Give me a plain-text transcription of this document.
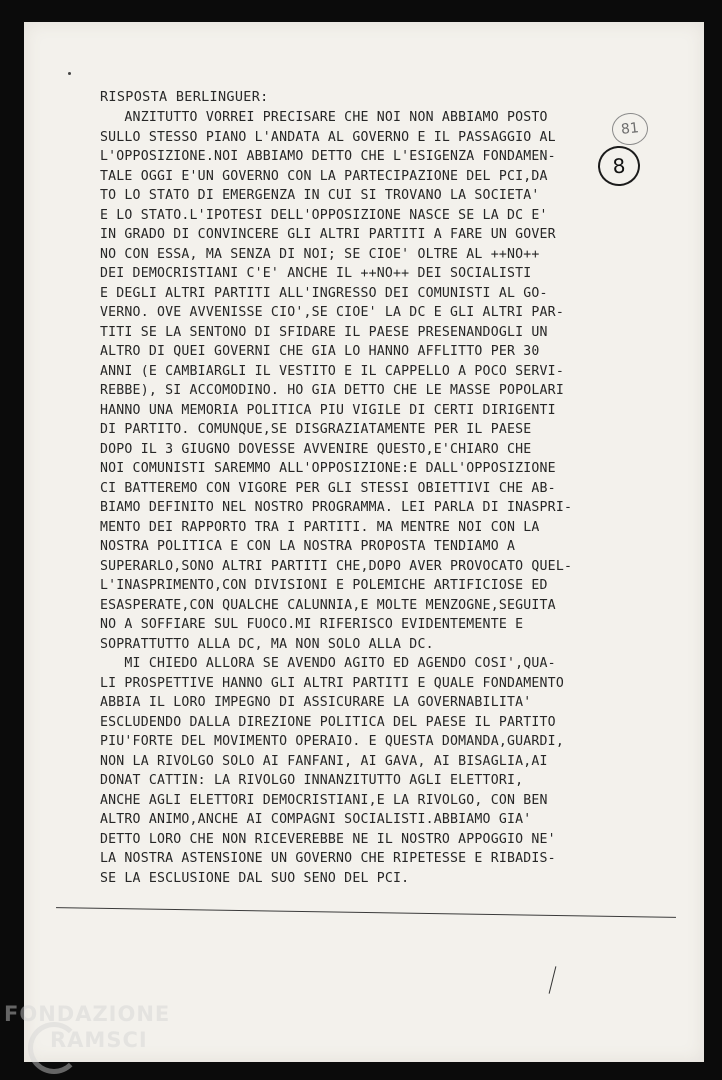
81
8
RISPOSTA BERLINGUER:
ANZITUTTO VORREI PRECISARE CHE NOI NON ABBIAMO POSTO
SULLO STESSO PIANO L'ANDATA AL GOVERNO E IL PASSAGGIO AL
L'OPPOSIZIONE.NOI ABBIAMO DETTO CHE L'ESIGENZA FONDAMEN-
TALE OGGI E'UN GOVERNO CON LA PARTECIPAZIONE DEL PCI,DA
TO LO STATO DI EMERGENZA IN CUI SI TROVANO LA SOCIETA'
E LO STATO.L'IPOTESI DELL'OPPOSIZIONE NASCE SE LA DC E'
IN GRADO DI CONVINCERE GLI ALTRI PARTITI A FARE UN GOVER
NO CON ESSA, MA SENZA DI NOI; SE CIOE' OLTRE AL ++NO++
DEI DEMOCRISTIANI C'E' ANCHE IL ++NO++ DEI SOCIALISTI
E DEGLI ALTRI PARTITI ALL'INGRESSO DEI COMUNISTI AL GO-
VERNO. OVE AVVENISSE CIO',SE CIOE' LA DC E GLI ALTRI PAR-
TITI SE LA SENTONO DI SFIDARE IL PAESE PRESENANDOGLI UN
ALTRO DI QUEI GOVERNI CHE GIA LO HANNO AFFLITTO PER 30
ANNI (E CAMBIARGLI IL VESTITO E IL CAPPELLO A POCO SERVI-
REBBE), SI ACCOMODINO. HO GIA DETTO CHE LE MASSE POPOLARI
HANNO UNA MEMORIA POLITICA PIU VIGILE DI CERTI DIRIGENTI
DI PARTITO. COMUNQUE,SE DISGRAZIATAMENTE PER IL PAESE
DOPO IL 3 GIUGNO DOVESSE AVVENIRE QUESTO,E'CHIARO CHE
NOI COMUNISTI SAREMMO ALL'OPPOSIZIONE:E DALL'OPPOSIZIONE
CI BATTEREMO CON VIGORE PER GLI STESSI OBIETTIVI CHE AB-
BIAMO DEFINITO NEL NOSTRO PROGRAMMA. LEI PARLA DI INASPRI-
MENTO DEI RAPPORTO TRA I PARTITI. MA MENTRE NOI CON LA
NOSTRA POLITICA E CON LA NOSTRA PROPOSTA TENDIAMO A
SUPERARLO,SONO ALTRI PARTITI CHE,DOPO AVER PROVOCATO QUEL-
L'INASPRIMENTO,CON DIVISIONI E POLEMICHE ARTIFICIOSE ED
ESASPERATE,CON QUALCHE CALUNNIA,E MOLTE MENZOGNE,SEGUITA
NO A SOFFIARE SUL FUOCO.MI RIFERISCO EVIDENTEMENTE E
SOPRATTUTTO ALLA DC, MA NON SOLO ALLA DC.
MI CHIEDO ALLORA SE AVENDO AGITO ED AGENDO COSI',QUA-
LI PROSPETTIVE HANNO GLI ALTRI PARTITI E QUALE FONDAMENTO
ABBIA IL LORO IMPEGNO DI ASSICURARE LA GOVERNABILITA'
ESCLUDENDO DALLA DIREZIONE POLITICA DEL PAESE IL PARTITO
PIU'FORTE DEL MOVIMENTO OPERAIO. E QUESTA DOMANDA,GUARDI,
NON LA RIVOLGO SOLO AI FANFANI, AI GAVA, AI BISAGLIA,AI
DONAT CATTIN: LA RIVOLGO INNANZITUTTO AGLI ELETTORI,
ANCHE AGLI ELETTORI DEMOCRISTIANI,E LA RIVOLGO, CON BEN
ALTRO ANIMO,ANCHE AI COMPAGNI SOCIALISTI.ABBIAMO GIA'
DETTO LORO CHE NON RICEVEREBBE NE IL NOSTRO APPOGGIO NE'
LA NOSTRA ASTENSIONE UN GOVERNO CHE RIPETESSE E RIBADIS-
SE LA ESCLUSIONE DAL SUO SENO DEL PCI.
FONDAZIONE
RAMSCI
